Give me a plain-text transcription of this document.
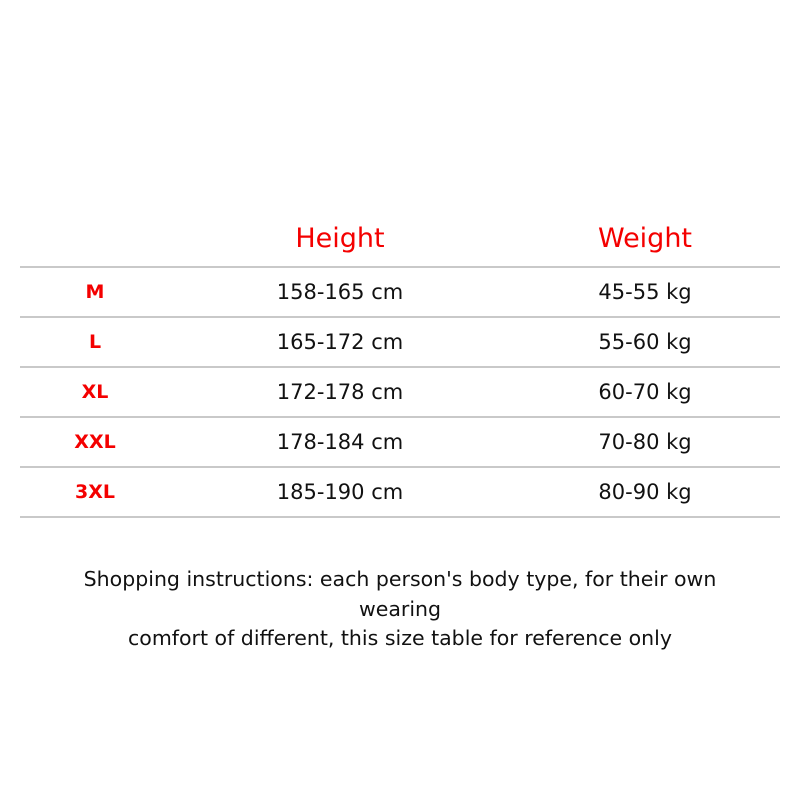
	Height	Weight
M	158-165 cm	45-55 kg
L	165-172 cm	55-60 kg
XL	172-178 cm	60-70 kg
XXL	178-184 cm	70-80 kg
3XL	185-190 cm	80-90 kg
Shopping instructions: each person's body type, for their own wearing
comfort of different, this size table for reference only
